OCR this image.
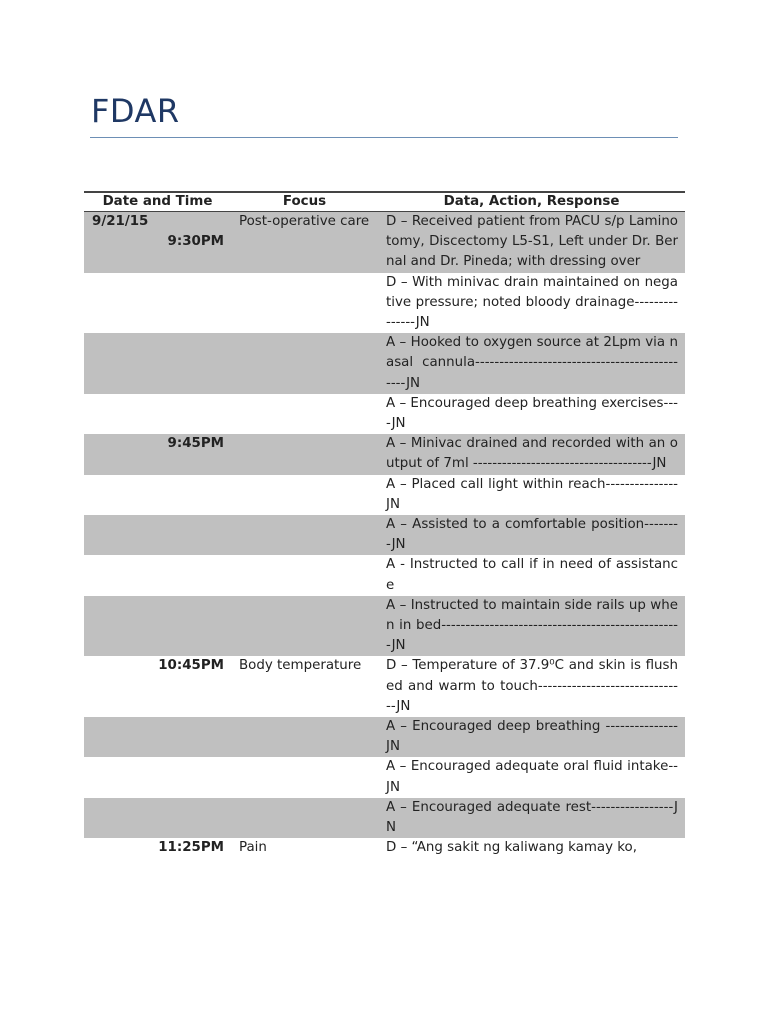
FDAR
Date and Time	Focus	Data, Action, Response

9/21/15
9:30PM	Post-operative care	D – Received patient from PACU s/p Laminotomy, Discectomy L5-S1, Left under Dr. Bernal and Dr. Pineda; with dressing over
		D – With minivac drain maintained on negative pressure; noted bloody drainage---------------JN
		A – Hooked to oxygen source at 2Lpm via nasal cannula----------------------------------------------JN
		A – Encouraged deep breathing exercises----JN

9:45PM		A – Minivac drained and recorded with an output of 7ml -------------------------------------JN
		A – Placed call light within reach---------------JN
		A – Assisted to a comfortable position--------JN
		A - Instructed to call if in need of assistance
		A – Instructed to maintain side rails up when in bed--------------------------------------------------JN

10:45PM	Body temperature	D – Temperature of 37.9⁰C and skin is flushed and warm to touch-------------------------------JN
		A – Encouraged deep breathing ---------------JN
		A – Encouraged adequate oral fluid intake--JN
		A – Encouraged adequate rest-----------------JN

11:25PM	Pain	D – “Ang sakit ng kaliwang kamay ko,
